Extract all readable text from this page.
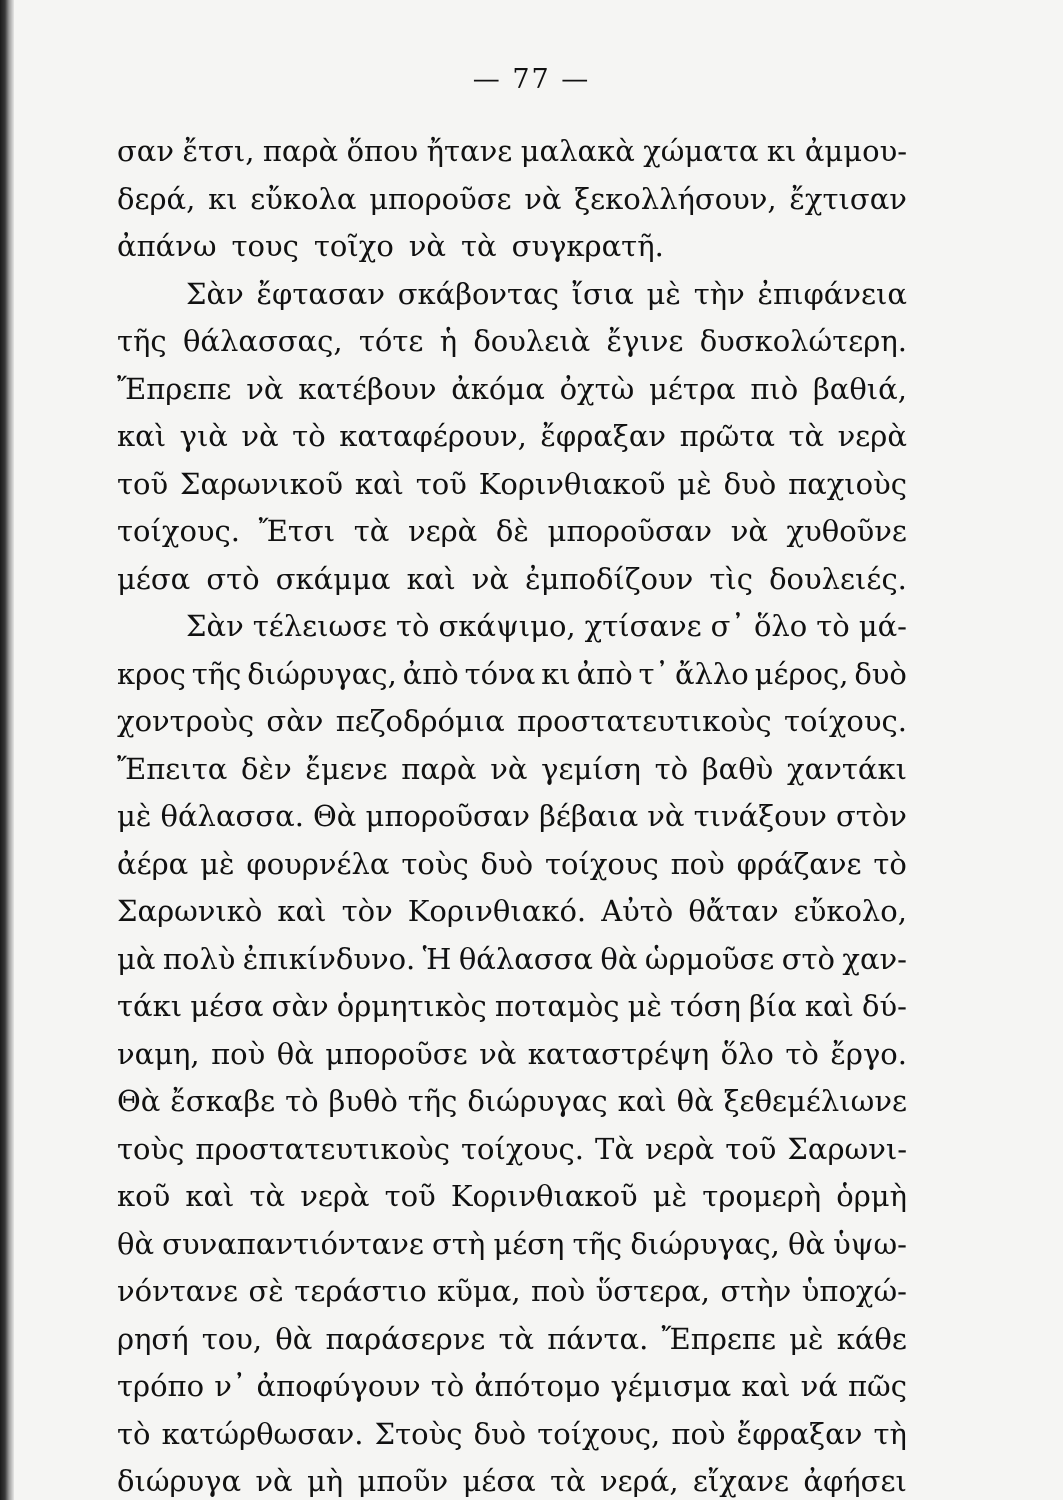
— 77 —
σαν ἔτσι, παρὰ ὅπου ἤτανε μαλακὰ χώματα κι ἀμμου-
δερά, κι εὔκολα μποροῦσε νὰ ξεκολλήσουν, ἔχτισαν
ἀπάνω τους τοῖχο νὰ τὰ συγκρατῆ.
Σὰν ἔφτασαν σκάβοντας ἴσια μὲ τὴν ἐπιφάνεια
τῆς θάλασσας, τότε ἡ δουλειὰ ἔγινε δυσκολώτερη.
Ἔπρεπε νὰ κατέβουν ἀκόμα ὀχτὼ μέτρα πιὸ βαθιά,
καὶ γιὰ νὰ τὸ καταφέρουν, ἔφραξαν πρῶτα τὰ νερὰ
τοῦ Σαρωνικοῦ καὶ τοῦ Κορινθιακοῦ μὲ δυὸ παχιοὺς
τοίχους. Ἔτσι τὰ νερὰ δὲ μποροῦσαν νὰ χυθοῦνε
μέσα στὸ σκάμμα καὶ νὰ ἐμποδίζουν τὶς δουλειές.
Σὰν τέλειωσε τὸ σκάψιμο, χτίσανε σ᾿ ὅλο τὸ μά-
κρος τῆς διώρυγας, ἀπὸ τόνα κι ἀπὸ τ᾿ ἄλλο μέρος, δυὸ
χοντροὺς σὰν πεζοδρόμια προστατευτικοὺς τοίχους.
Ἔπειτα δὲν ἔμενε παρὰ νὰ γεμίση τὸ βαθὺ χαντάκι
μὲ θάλασσα. Θὰ μποροῦσαν βέβαια νὰ τινάξουν στὸν
ἀέρα μὲ φουρνέλα τοὺς δυὸ τοίχους ποὺ φράζανε τὸ
Σαρωνικὸ καὶ τὸν Κορινθιακό. Αὐτὸ θἄταν εὔκολο,
μὰ πολὺ ἐπικίνδυνο. Ἡ θάλασσα θὰ ὡρμοῦσε στὸ χαν-
τάκι μέσα σὰν ὁρμητικὸς ποταμὸς μὲ τόση βία καὶ δύ-
ναμη, ποὺ θὰ μποροῦσε νὰ καταστρέψη ὅλο τὸ ἔργο.
Θὰ ἔσκαβε τὸ βυθὸ τῆς διώρυγας καὶ θὰ ξεθεμέλιωνε
τοὺς προστατευτικοὺς τοίχους. Τὰ νερὰ τοῦ Σαρωνι-
κοῦ καὶ τὰ νερὰ τοῦ Κορινθιακοῦ μὲ τρομερὴ ὁρμὴ
θὰ συναπαντιόντανε στὴ μέση τῆς διώρυγας, θὰ ὑψω-
νόντανε σὲ τεράστιο κῦμα, ποὺ ὕστερα, στὴν ὑποχώ-
ρησή του, θὰ παράσερνε τὰ πάντα. Ἔπρεπε μὲ κάθε
τρόπο ν᾿ ἀποφύγουν τὸ ἀπότομο γέμισμα καὶ νά πῶς
τὸ κατώρθωσαν. Στοὺς δυὸ τοίχους, ποὺ ἔφραξαν τὴ
διώρυγα νὰ μὴ μποῦν μέσα τὰ νερά, εἴχανε ἀφήσει
